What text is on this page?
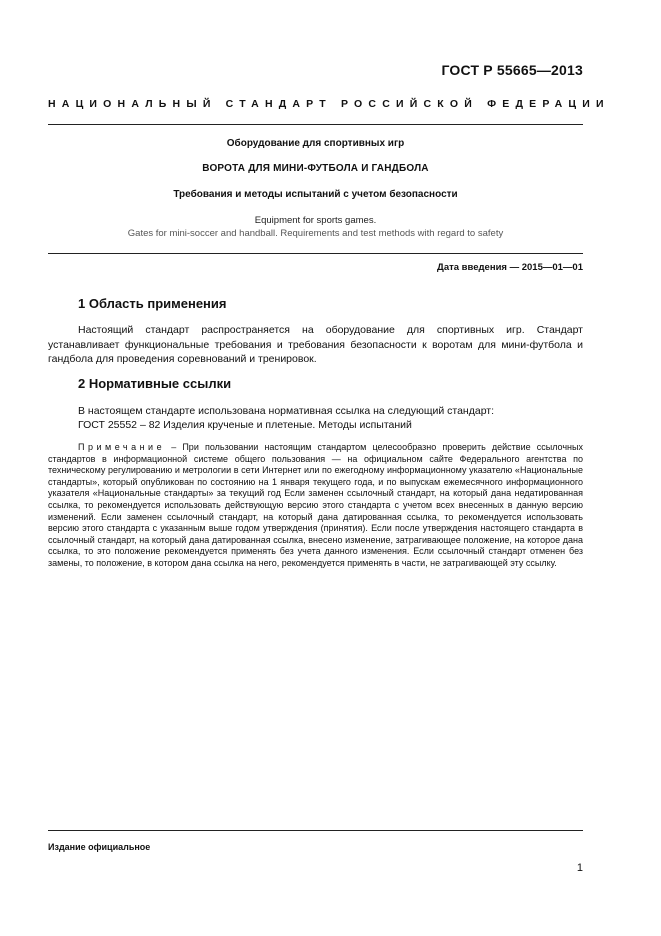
ГОСТ Р 55665—2013
НАЦИОНАЛЬНЫЙ СТАНДАРТ РОССИЙСКОЙ ФЕДЕРАЦИИ
Оборудование для спортивных игр
ВОРОТА ДЛЯ МИНИ-ФУТБОЛА И ГАНДБОЛА
Требования и методы испытаний с учетом безопасности
Equipment for sports games.
Gates for mini-soccer and handball. Requirements and test methods with regard to safety
Дата введения — 2015—01—01
1 Область применения
Настоящий стандарт распространяется на оборудование для спортивных игр. Стандарт устанавливает функциональные требования и требования безопасности к воротам для мини-футбола и гандбола для проведения соревнований и тренировок.
2 Нормативные ссылки
В настоящем стандарте использована нормативная ссылка на следующий стандарт:
ГОСТ 25552 – 82 Изделия крученые и плетеные. Методы испытаний
Примечание – При пользовании настоящим стандартом целесообразно проверить действие ссылочных стандартов в информационной системе общего пользования — на официальном сайте Федерального агентства по техническому регулированию и метрологии в сети Интернет или по ежегодному информационному указателю «Национальные стандарты», который опубликован по состоянию на 1 января текущего года, и по выпускам ежемесячного информационного указателя «Национальные стандарты» за текущий год Если заменен ссылочный стандарт, на который дана недатированная ссылка, то рекомендуется использовать действующую версию этого стандарта с учетом всех внесенных в данную версию изменений. Если заменен ссылочный стандарт, на который дана датированная ссылка, то рекомендуется использовать версию этого стандарта с указанным выше годом утверждения (принятия). Если после утверждения настоящего стандарта в ссылочный стандарт, на который дана датированная ссылка, внесено изменение, затрагивающее положение, на которое дана ссылка, то это положение рекомендуется применять без учета данного изменения. Если ссылочный стандарт отменен без замены, то положение, в котором дана ссылка на него, рекомендуется применять в части, не затрагивающей эту ссылку.
Издание официальное
1
